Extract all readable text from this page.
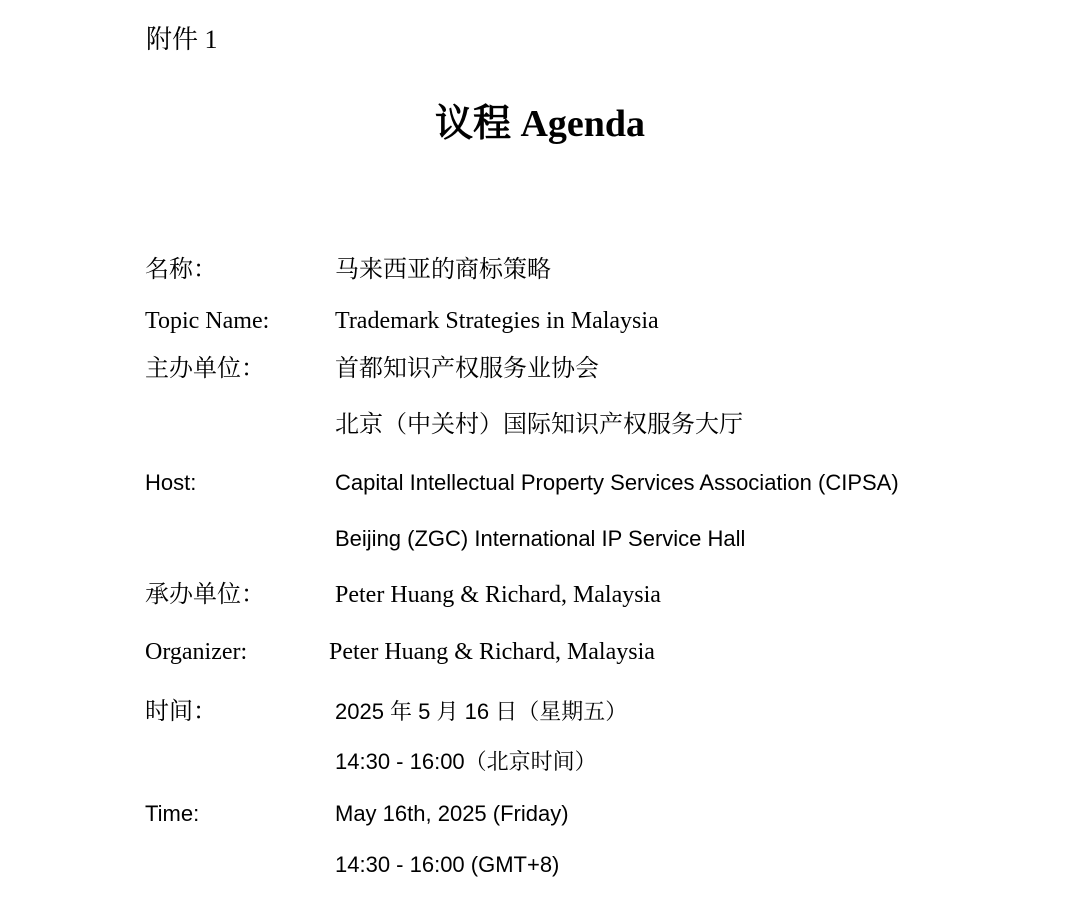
附件 1
议程 Agenda
名称：	马来西亚的商标策略
Topic Name:	Trademark Strategies in Malaysia
主办单位：	首都知识产权服务业协会
北京（中关村）国际知识产权服务大厅
Host:	Capital Intellectual Property Services Association (CIPSA)
Beijing (ZGC) International IP Service Hall
承办单位：	Peter Huang & Richard, Malaysia
Organizer:	Peter Huang & Richard, Malaysia
时间：	2025 年 5 月 16 日（星期五）
14:30 - 16:00（北京时间）
Time:	May 16th, 2025 (Friday)
14:30 - 16:00 (GMT+8)
